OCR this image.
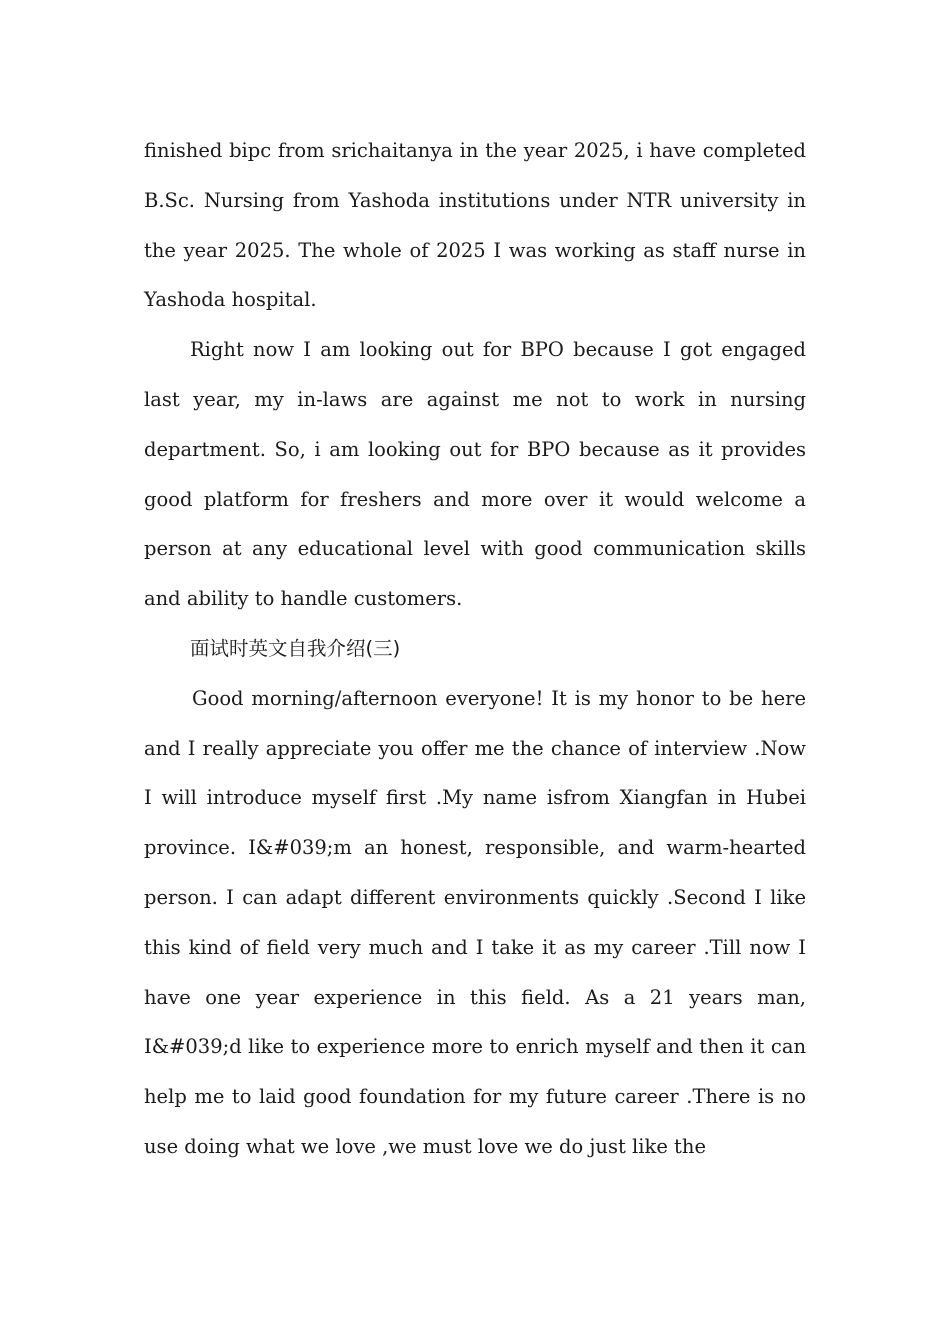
finished bipc from srichaitanya in the year 2025, i have completed B.Sc. Nursing from Yashoda institutions under NTR university in the year 2025. The whole of 2025 I was working as staff nurse in Yashoda hospital.

Right now I am looking out for BPO because I got engaged last year, my in-laws are against me not to work in nursing department. So, i am looking out for BPO because as it provides good platform for freshers and more over it would welcome a person at any educational level with good communication skills and ability to handle customers.

面试时英文自我介绍(三)

Good morning/afternoon everyone! It is my honor to be here and I really appreciate you offer me the chance of interview .Now I will introduce myself first .My name isfrom Xiangfan in Hubei province. I&#039;m an honest, responsible, and warm-hearted person. I can adapt different environments quickly .Second I like this kind of field very much and I take it as my career .Till now I have one year experience in this field. As a 21 years man, I&#039;d like to experience more to enrich myself and then it can help me to laid good foundation for my future career .There is no use doing what we love ,we must love we do just like the
